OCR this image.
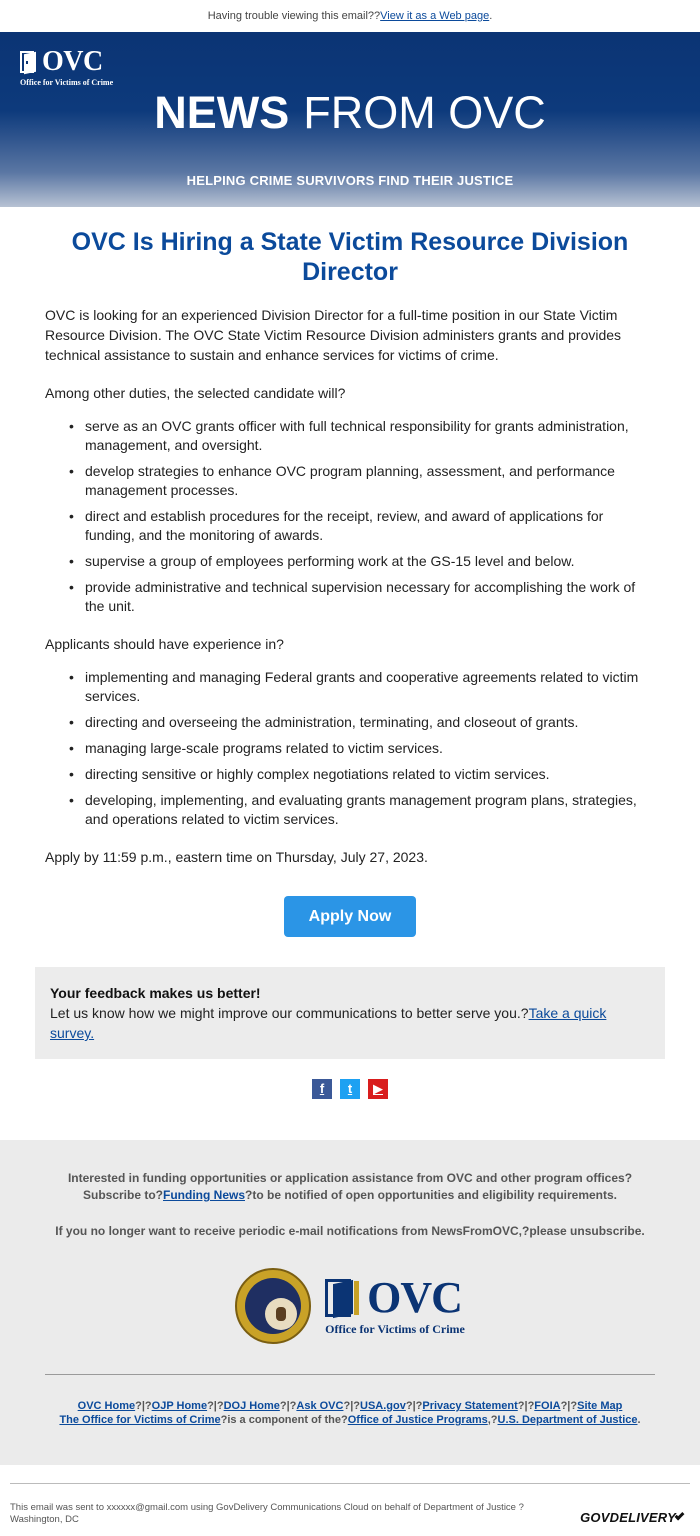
Having trouble viewing this email??View it as a Web page.
OVC
Office for Victims of Crime
NEWS FROM OVC
HELPING CRIME SURVIVORS FIND THEIR JUSTICE
OVC Is Hiring a State Victim Resource Division Director

OVC is looking for an experienced Division Director for a full-time position in our State Victim Resource Division. The OVC State Victim Resource Division administers grants and provides technical assistance to sustain and enhance services for victims of crime.

Among other duties, the selected candidate will?

• serve as an OVC grants officer with full technical responsibility for grants administration, management, and oversight.
• develop strategies to enhance OVC program planning, assessment, and performance management processes.
• direct and establish procedures for the receipt, review, and award of applications for funding, and the monitoring of awards.
• supervise a group of employees performing work at the GS-15 level and below.
• provide administrative and technical supervision necessary for accomplishing the work of the unit.

Applicants should have experience in?

• implementing and managing Federal grants and cooperative agreements related to victim services.
• directing and overseeing the administration, terminating, and closeout of grants.
• managing large-scale programs related to victim services.
• directing sensitive or highly complex negotiations related to victim services.
• developing, implementing, and evaluating grants management program plans, strategies, and operations related to victim services.

Apply by 11:59 p.m., eastern time on Thursday, July 27, 2023.

Apply Now
Your feedback makes us better!
Let us know how we might improve our communications to better serve you.?Take a quick survey.
f t ▶
Interested in funding opportunities or application assistance from OVC and other program offices?
Subscribe to?Funding News?to be notified of open opportunities and eligibility requirements.
If you no longer want to receive periodic e-mail notifications from NewsFromOVC,?please unsubscribe.
OVC
Office for Victims of Crime
OVC Home?|?OJP Home?|?DOJ Home?|?Ask OVC?|?USA.gov?|?Privacy Statement?|?FOIA?|?Site Map
The Office for Victims of Crime?is a component of the?Office of Justice Programs,?U.S. Department of Justice.
This email was sent to xxxxxx@gmail.com using GovDelivery Communications Cloud on behalf of Department of Justice ? Washington, DC	GOVDELIVERY
